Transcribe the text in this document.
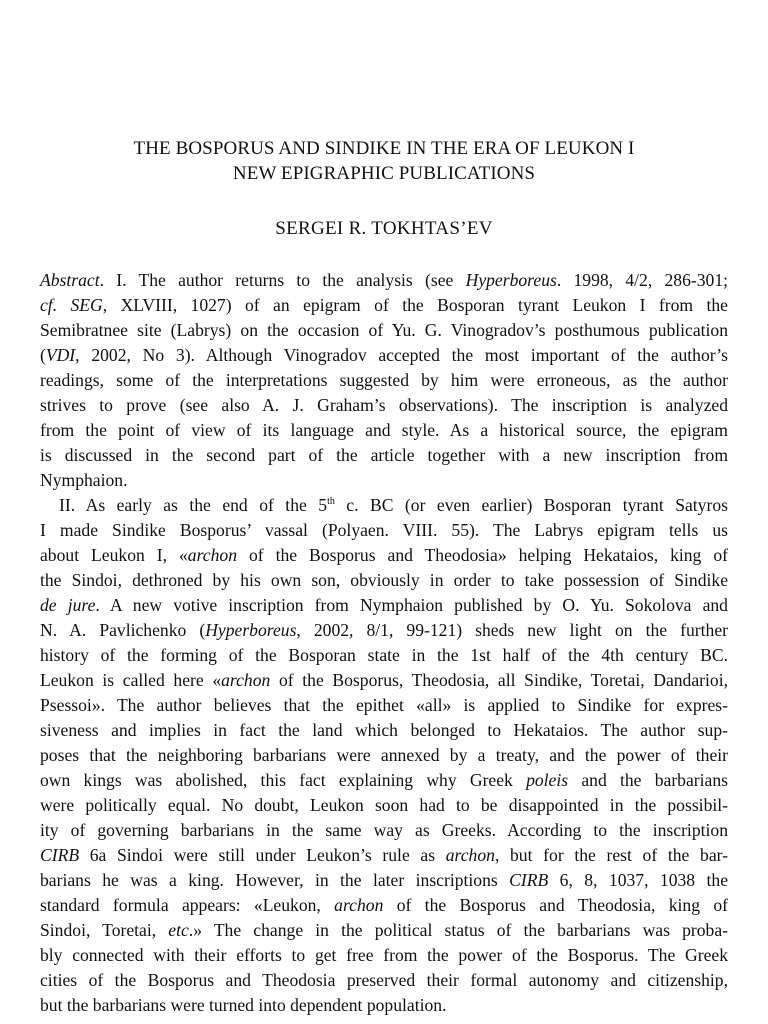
THE BOSPORUS AND SINDIKE IN THE ERA OF LEUKON I
NEW EPIGRAPHIC PUBLICATIONS
SERGEI R. TOKHTAS’EV
Abstract. I. The author returns to the analysis (see Hyperboreus. 1998, 4/2, 286-301;
cf. SEG, XLVIII, 1027) of an epigram of the Bosporan tyrant Leukon I from the
Semibratnee site (Labrys) on the occasion of Yu. G. Vinogradov’s posthumous publication
(VDI, 2002, No 3). Although Vinogradov accepted the most important of the author’s
readings, some of the interpretations suggested by him were erroneous, as the author
strives to prove (see also A. J. Graham’s observations). The inscription is analyzed
from the point of view of its language and style. As a historical source, the epigram
is discussed in the second part of the article together with a new inscription from
Nymphaion.
II. As early as the end of the 5th c. BC (or even earlier) Bosporan tyrant Satyros
I made Sindike Bosporus’ vassal (Polyaen. VIII. 55). The Labrys epigram tells us
about Leukon I, «archon of the Bosporus and Theodosia» helping Hekataios, king of
the Sindoi, dethroned by his own son, obviously in order to take possession of Sindike
de jure. A new votive inscription from Nymphaion published by O. Yu. Sokolova and
N. A. Pavlichenko (Hyperboreus, 2002, 8/1, 99-121) sheds new light on the further
history of the forming of the Bosporan state in the 1st half of the 4th century BC.
Leukon is called here «archon of the Bosporus, Theodosia, all Sindike, Toretai, Dandarioi,
Psessoi». The author believes that the epithet «all» is applied to Sindike for expres-
siveness and implies in fact the land which belonged to Hekataios. The author sup-
poses that the neighboring barbarians were annexed by a treaty, and the power of their
own kings was abolished, this fact explaining why Greek poleis and the barbarians
were politically equal. No doubt, Leukon soon had to be disappointed in the possibil-
ity of governing barbarians in the same way as Greeks. According to the inscription
CIRB 6a Sindoi were still under Leukon’s rule as archon, but for the rest of the bar-
barians he was a king. However, in the later inscriptions CIRB 6, 8, 1037, 1038 the
standard formula appears: «Leukon, archon of the Bosporus and Theodosia, king of
Sindoi, Toretai, etc.» The change in the political status of the barbarians was proba-
bly connected with their efforts to get free from the power of the Bosporus. The Greek
cities of the Bosporus and Theodosia preserved their formal autonomy and citizenship,
but the barbarians were turned into dependent population.
